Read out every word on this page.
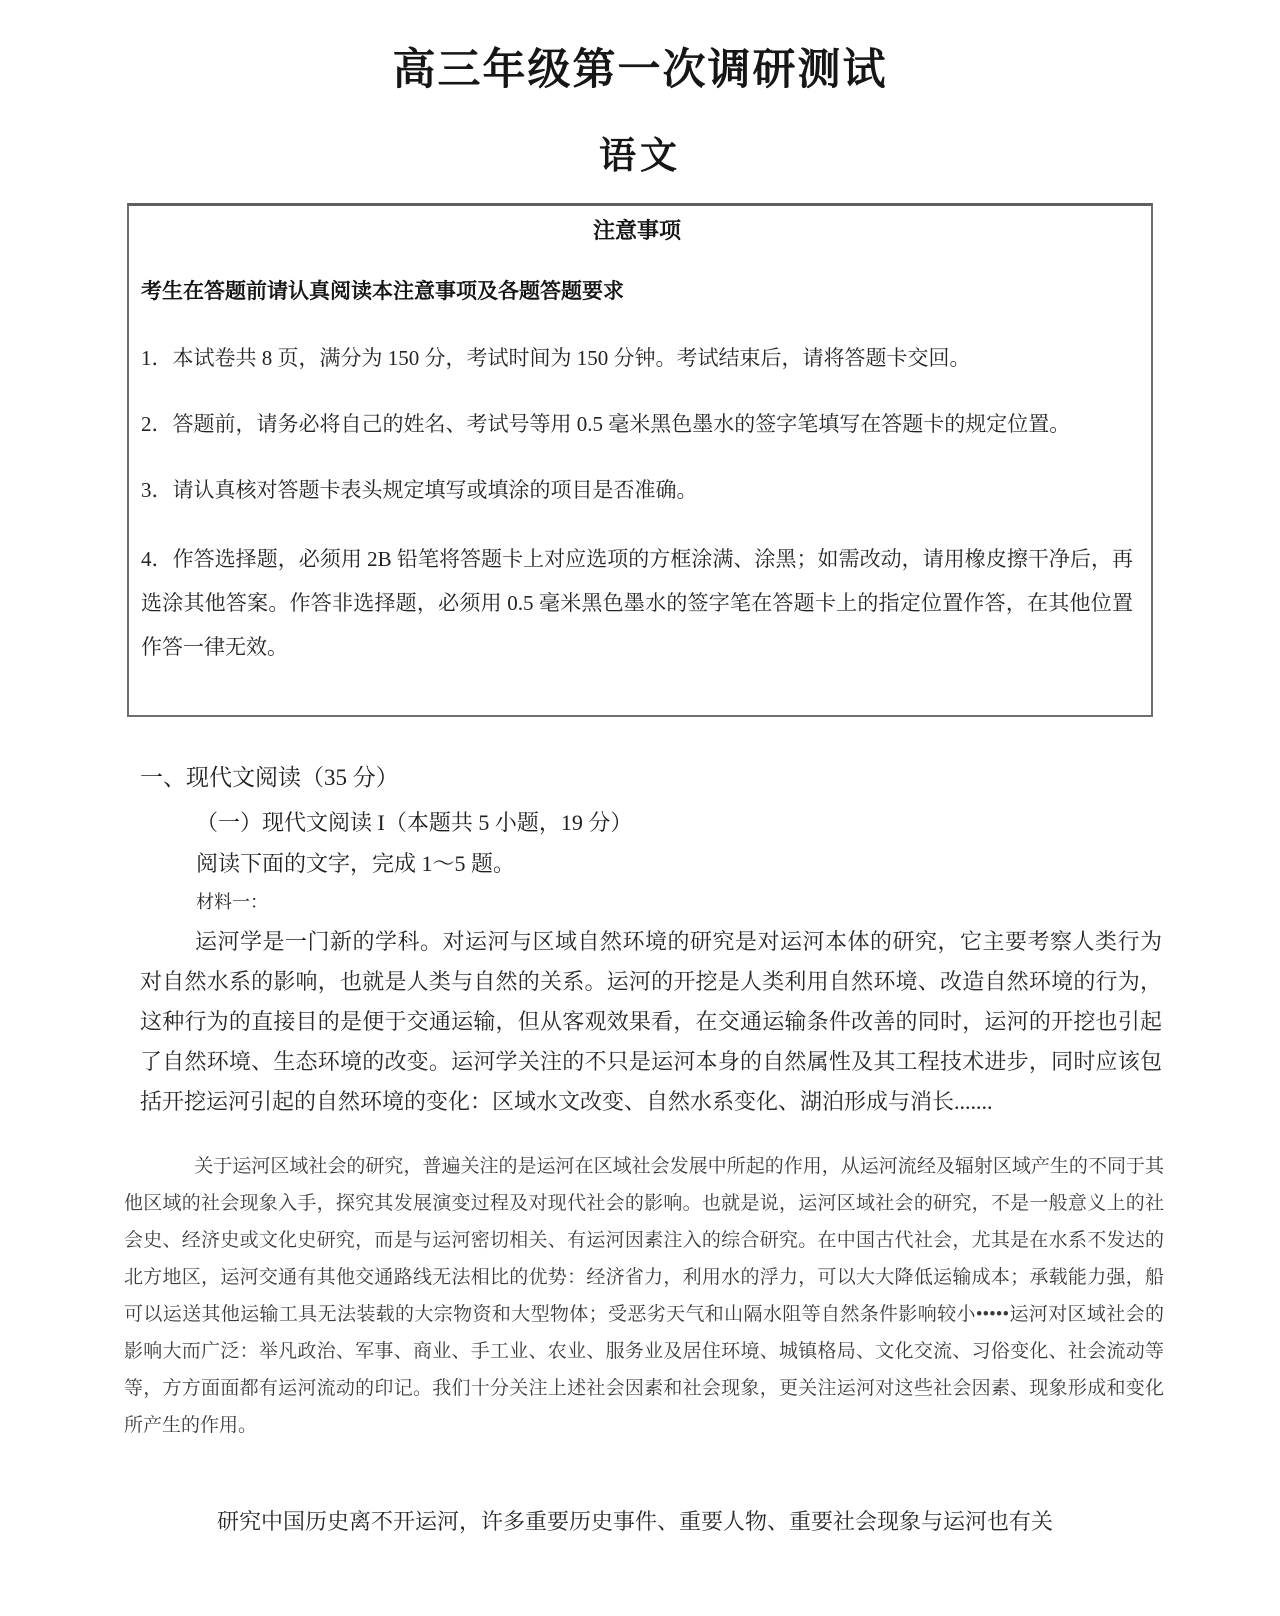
高三年级第一次调研测试
语文
注意事项
考生在答题前请认真阅读本注意事项及各题答题要求
1．本试卷共 8 页，满分为 150 分，考试时间为 150 分钟。考试结束后，请将答题卡交回。
2．答题前，请务必将自己的姓名、考试号等用 0.5 毫米黑色墨水的签字笔填写在答题卡的规定位置。
3．请认真核对答题卡表头规定填写或填涂的项目是否准确。
4．作答选择题，必须用 2B 铅笔将答题卡上对应选项的方框涂满、涂黑；如需改动，请用橡皮擦干净后，再选涂其他答案。作答非选择题，必须用 0.5 毫米黑色墨水的签字笔在答题卡上的指定位置作答，在其他位置作答一律无效。
一、现代文阅读（35 分）
（一）现代文阅读 I（本题共 5 小题，19 分）
阅读下面的文字，完成 1～5 题。
材料一：

运河学是一门新的学科。对运河与区域自然环境的研究是对运河本体的研究，它主要考察人类行为对自然水系的影响，也就是人类与自然的关系。运河的开挖是人类利用自然环境、改造自然环境的行为，这种行为的直接目的是便于交通运输，但从客观效果看，在交通运输条件改善的同时，运河的开挖也引起了自然环境、生态环境的改变。运河学关注的不只是运河本身的自然属性及其工程技术进步，同时应该包括开挖运河引起的自然环境的变化：区域水文改变、自然水系变化、湖泊形成与消长.......

关于运河区域社会的研究，普遍关注的是运河在区域社会发展中所起的作用，从运河流经及辐射区域产生的不同于其他区域的社会现象入手，探究其发展演变过程及对现代社会的影响。也就是说，运河区域社会的研究，不是一般意义上的社会史、经济史或文化史研究，而是与运河密切相关、有运河因素注入的综合研究。在中国古代社会，尤其是在水系不发达的北方地区，运河交通有其他交通路线无法相比的优势：经济省力，利用水的浮力，可以大大降低运输成本；承载能力强，船可以运送其他运输工具无法装载的大宗物资和大型物体；受恶劣天气和山隔水阻等自然条件影响较小•••••运河对区域社会的影响大而广泛：举凡政治、军事、商业、手工业、农业、服务业及居住环境、城镇格局、文化交流、习俗变化、社会流动等等，方方面面都有运河流动的印记。我们十分关注上述社会因素和社会现象，更关注运河对这些社会因素、现象形成和变化所产生的作用。

研究中国历史离不开运河，许多重要历史事件、重要人物、重要社会现象与运河也有关
